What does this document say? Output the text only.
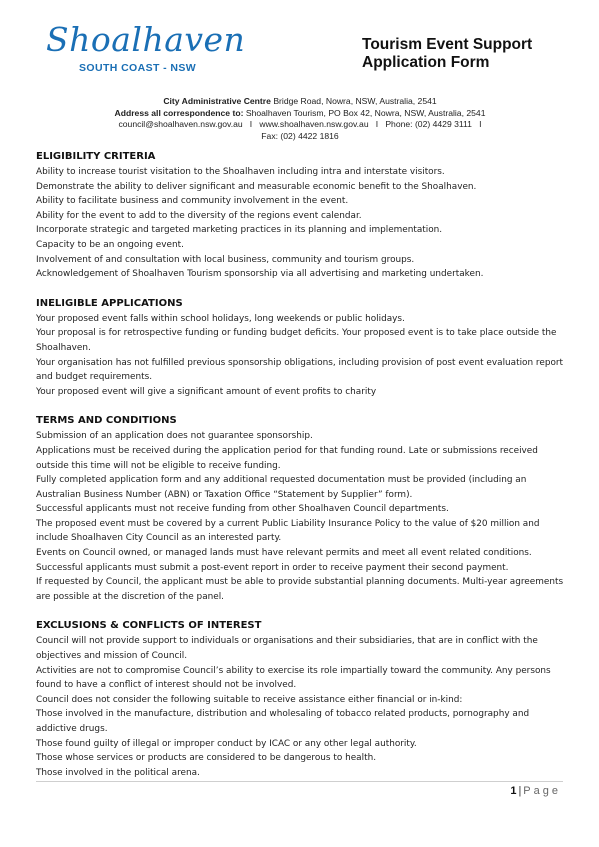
Shoalhaven
SOUTH COAST - NSW
Tourism Event Support
Application Form
City Administrative Centre Bridge Road, Nowra, NSW, Australia, 2541
Address all correspondence to: Shoalhaven Tourism, PO Box 42, Nowra, NSW, Australia, 2541
council@shoalhaven.nsw.gov.au   I   www.shoalhaven.nsw.gov.au   I   Phone: (02) 4429 3111   I
Fax: (02) 4422 1816
ELIGIBILITY CRITERIA

Ability to increase tourist visitation to the Shoalhaven including intra and interstate visitors.

Demonstrate the ability to deliver significant and measurable economic benefit to the Shoalhaven.

Ability to facilitate business and community involvement in the event.

Ability for the event to add to the diversity of the regions event calendar.

Incorporate strategic and targeted marketing practices in its planning and implementation.

Capacity to be an ongoing event.

Involvement of and consultation with local business, community and tourism groups.

Acknowledgement of Shoalhaven Tourism sponsorship via all advertising and marketing undertaken.

INELIGIBLE APPLICATIONS

Your proposed event falls within school holidays, long weekends or public holidays.

Your proposal is for retrospective funding or funding budget deficits. Your proposed event is to take place outside the Shoalhaven.

Your organisation has not fulfilled previous sponsorship obligations, including provision of post event evaluation report and budget requirements.

Your proposed event will give a significant amount of event profits to charity

TERMS AND CONDITIONS

Submission of an application does not guarantee sponsorship.

Applications must be received during the application period for that funding round. Late or submissions received outside this time will not be eligible to receive funding.

Fully completed application form and any additional requested documentation must be provided (including an Australian Business Number (ABN) or Taxation Office “Statement by Supplier” form).

Successful applicants must not receive funding from other Shoalhaven Council departments.

The proposed event must be covered by a current Public Liability Insurance Policy to the value of $20 million and include Shoalhaven City Council as an interested party.

Events on Council owned, or managed lands must have relevant permits and meet all event related conditions.

Successful applicants must submit a post-event report in order to receive payment their second payment.

If requested by Council, the applicant must be able to provide substantial planning documents. Multi-year agreements are possible at the discretion of the panel.

EXCLUSIONS & CONFLICTS OF INTEREST

Council will not provide support to individuals or organisations and their subsidiaries, that are in conflict with the objectives and mission of Council.

Activities are not to compromise Council’s ability to exercise its role impartially toward the community. Any persons found to have a conflict of interest should not be involved.

Council does not consider the following suitable to receive assistance either financial or in-kind:

Those involved in the manufacture, distribution and wholesaling of tobacco related products, pornography and addictive drugs.

Those found guilty of illegal or improper conduct by ICAC or any other legal authority.

Those whose services or products are considered to be dangerous to health.

Those involved in the political arena.

1 | Page
